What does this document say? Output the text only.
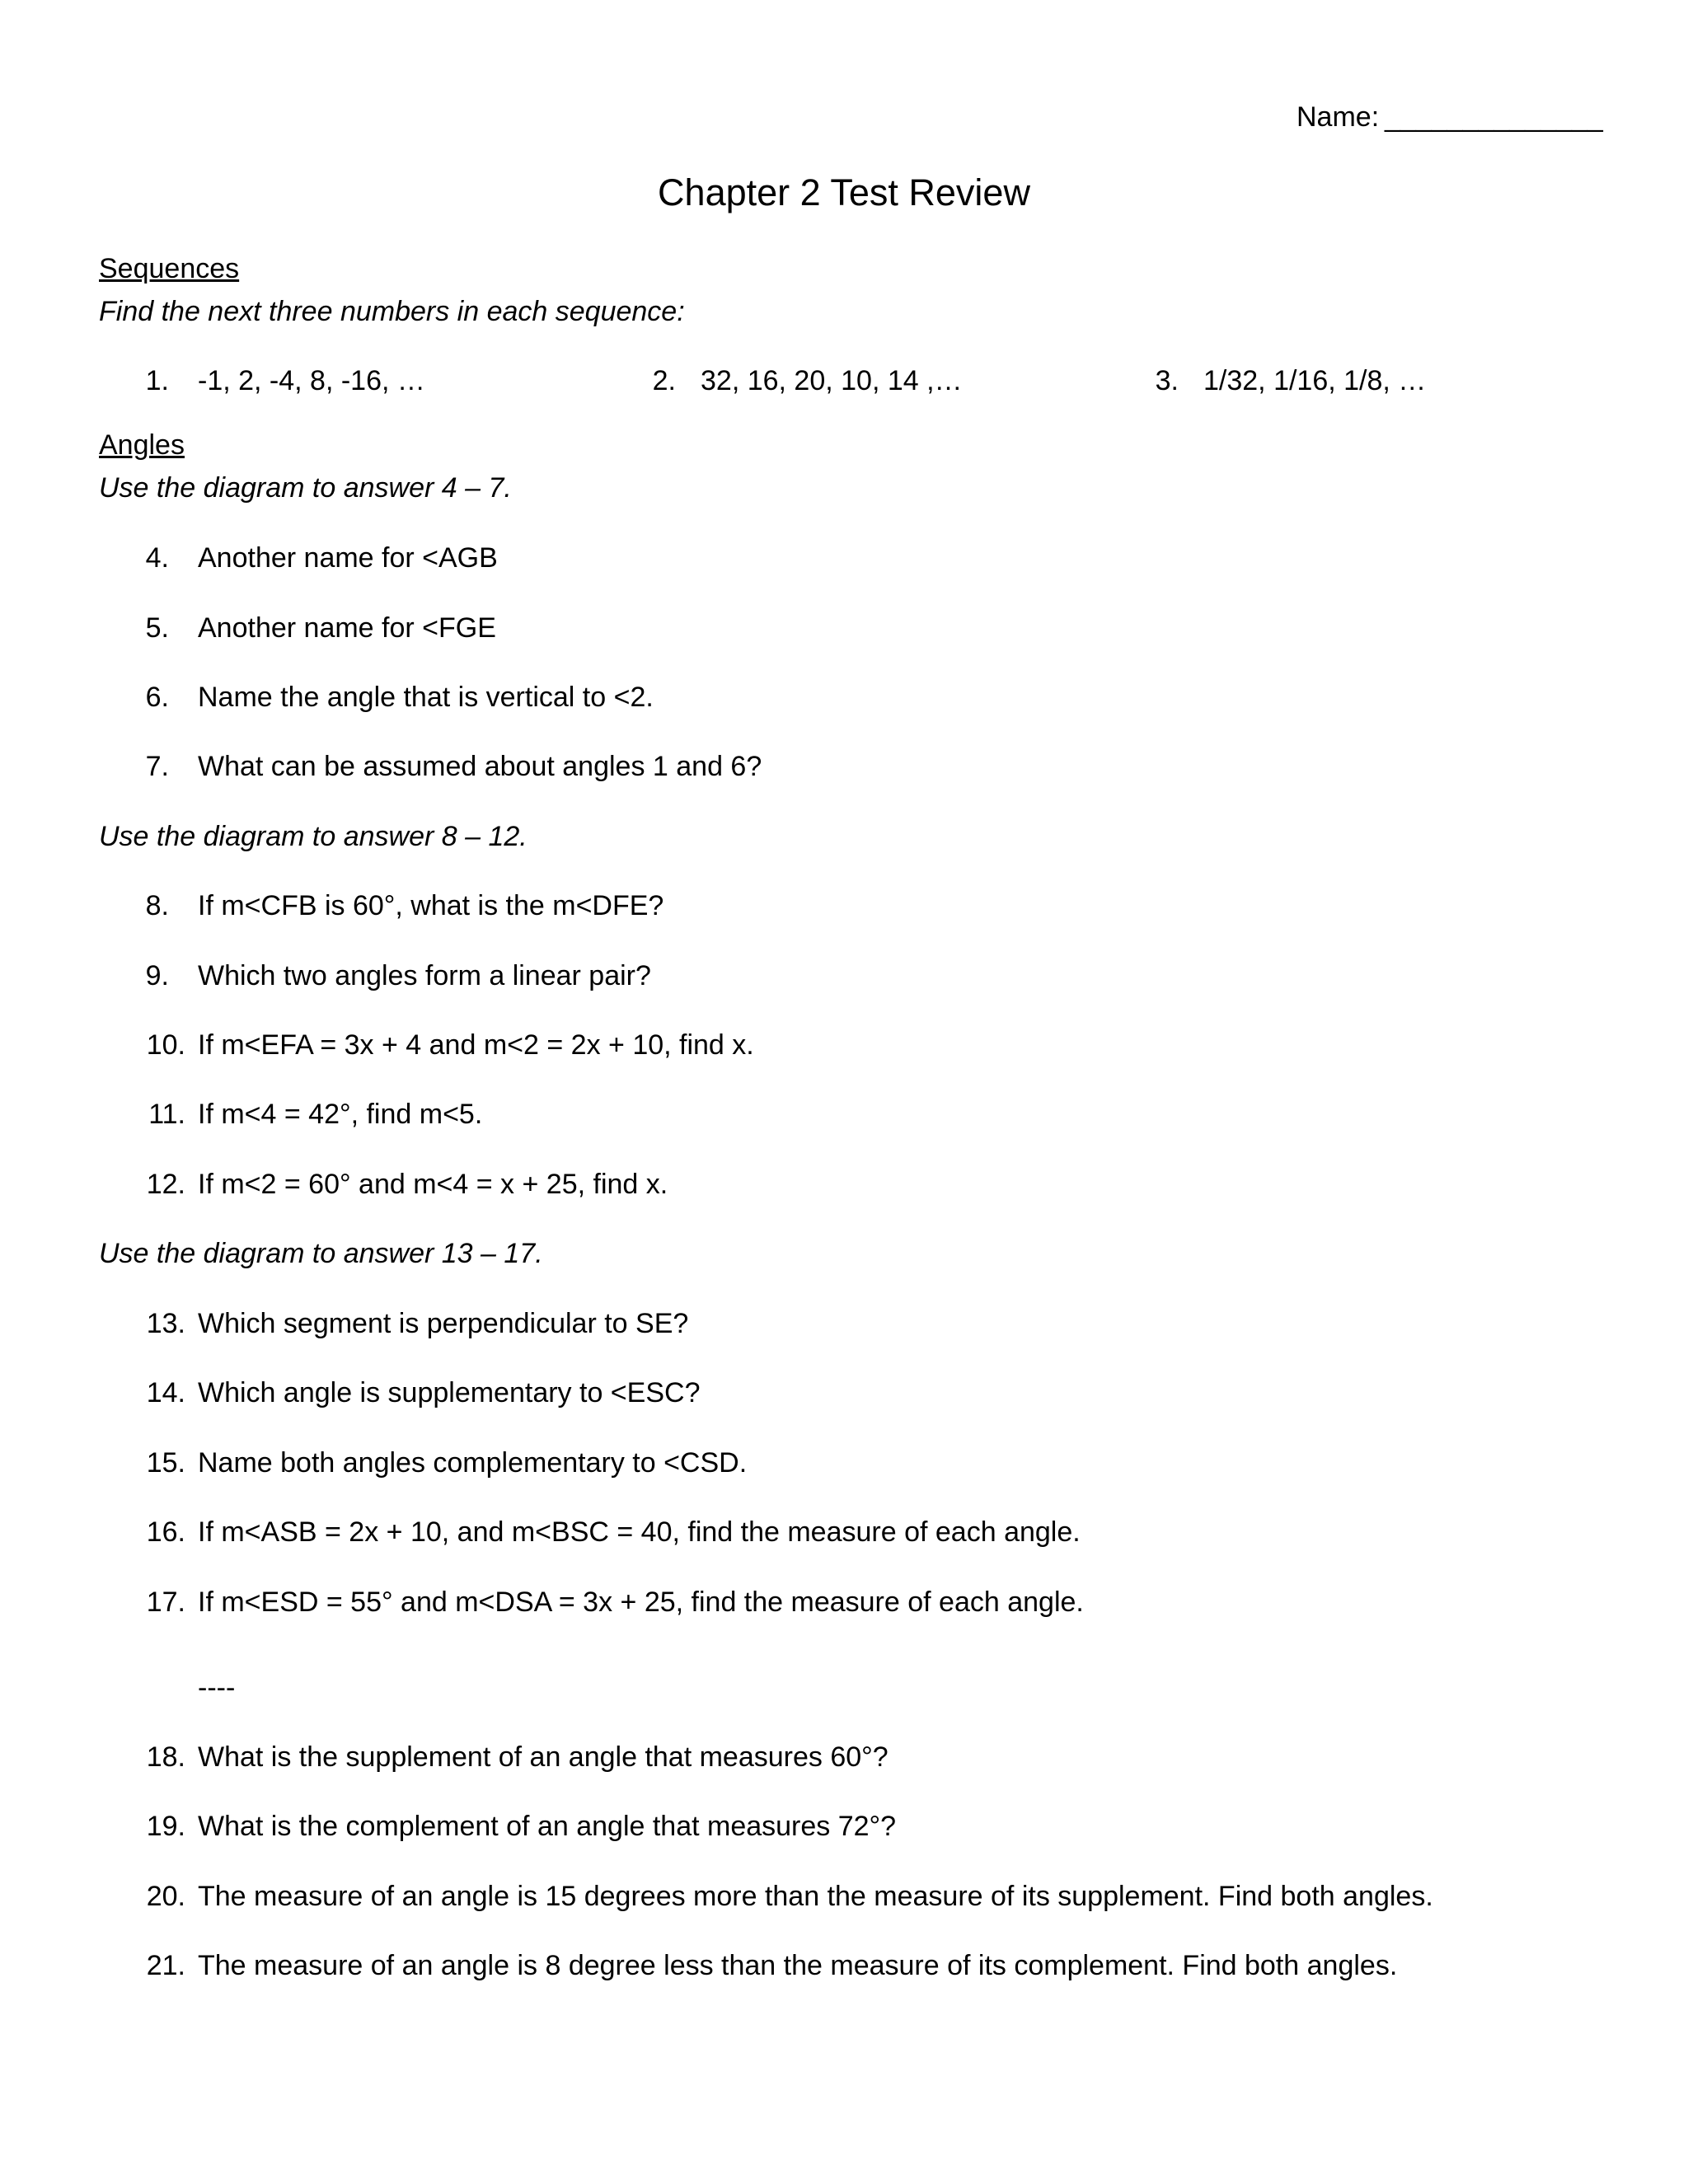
Name: ______________
Chapter 2 Test Review
Sequences
Find the next three numbers in each sequence:
1. -1, 2, -4, 8, -16, …	2. 32, 16, 20, 10, 14 ,…	3. 1/32, 1/16, 1/8, …
Angles
Use the diagram to answer 4 – 7.
4. Another name for <AGB
5. Another name for <FGE
6. Name the angle that is vertical to <2.
7. What can be assumed about angles 1 and 6?
Use the diagram to answer 8 – 12.
8. If m<CFB is 60°, what is the m<DFE?
9. Which two angles form a linear pair?
10. If m<EFA = 3x + 4 and m<2 = 2x + 10, find x.
11. If m<4 = 42°, find m<5.
12. If m<2 = 60° and m<4 = x + 25, find x.
Use the diagram to answer 13 – 17.
13. Which segment is perpendicular to SE?
14. Which angle is supplementary to <ESC?
15. Name both angles complementary to <CSD.
16. If m<ASB = 2x + 10, and m<BSC = 40, find the measure of each angle.
17. If m<ESD = 55° and m<DSA = 3x + 25, find the measure of each angle.
----
18. What is the supplement of an angle that measures 60°?
19. What is the complement of an angle that measures 72°?
20. The measure of an angle is 15 degrees more than the measure of its supplement. Find both angles.
21. The measure of an angle is 8 degree less than the measure of its complement. Find both angles.
